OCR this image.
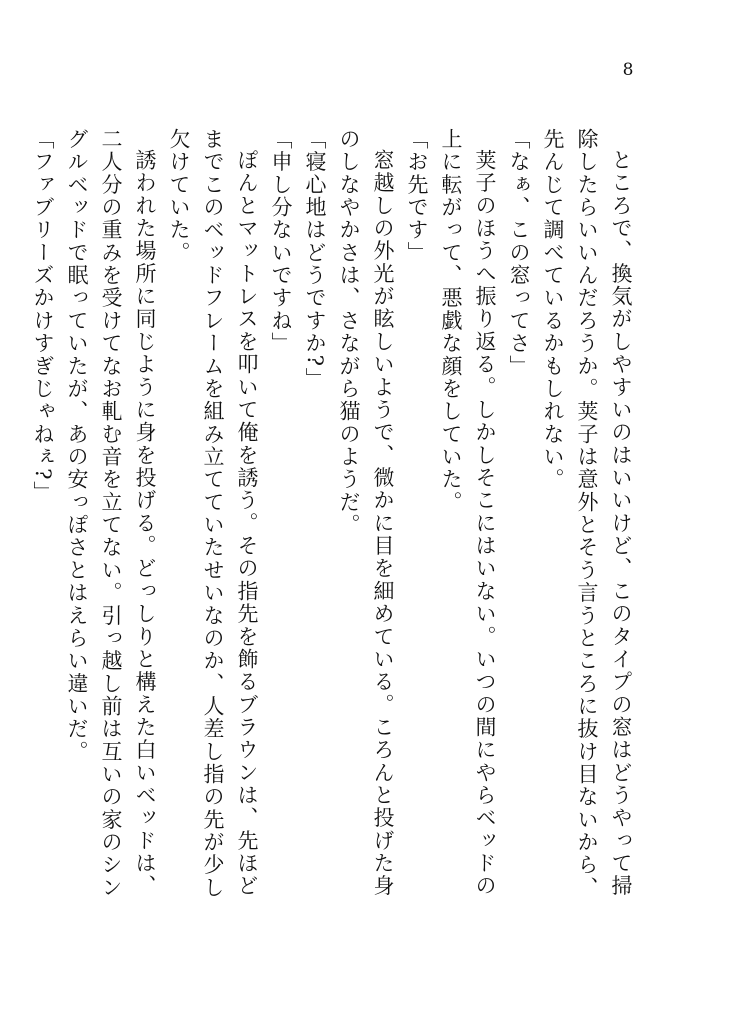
8

ところで、換気がしやすいのはいいけど、このタイプの窓はどうやって掃除したらいいんだろうか。荚子は意外とそう言うところに抜け目ないから、先んじて調べているかもしれない。

「なぁ、この窓ってさ」

荚子のほうへ振り返る。しかしそこにはいない。いつの間にやらベッドの上に転がって、悪戯な顔をしていた。

「お先です」

窓越しの外光が眩しいようで、微かに目を細めている。ころんと投げた身のしなやかさは、さながら猫のようだ。

「寝心地はどうですか?」

「申し分ないですね」

ぽんとマットレスを叩いて俺を誘う。その指先を飾るブラウンは、先ほどまでこのベッドフレームを組み立てていたせいなのか、人差し指の先が少し欠けていた。

誘われた場所に同じように身を投げる。どっしりと構えた白いベッドは、二人分の重みを受けてなお軋む音を立てない。引っ越し前は互いの家のシングルベッドで眠っていたが、あの安っぽさとはえらい違いだ。

「ファブリーズかけすぎじゃねぇ?」
